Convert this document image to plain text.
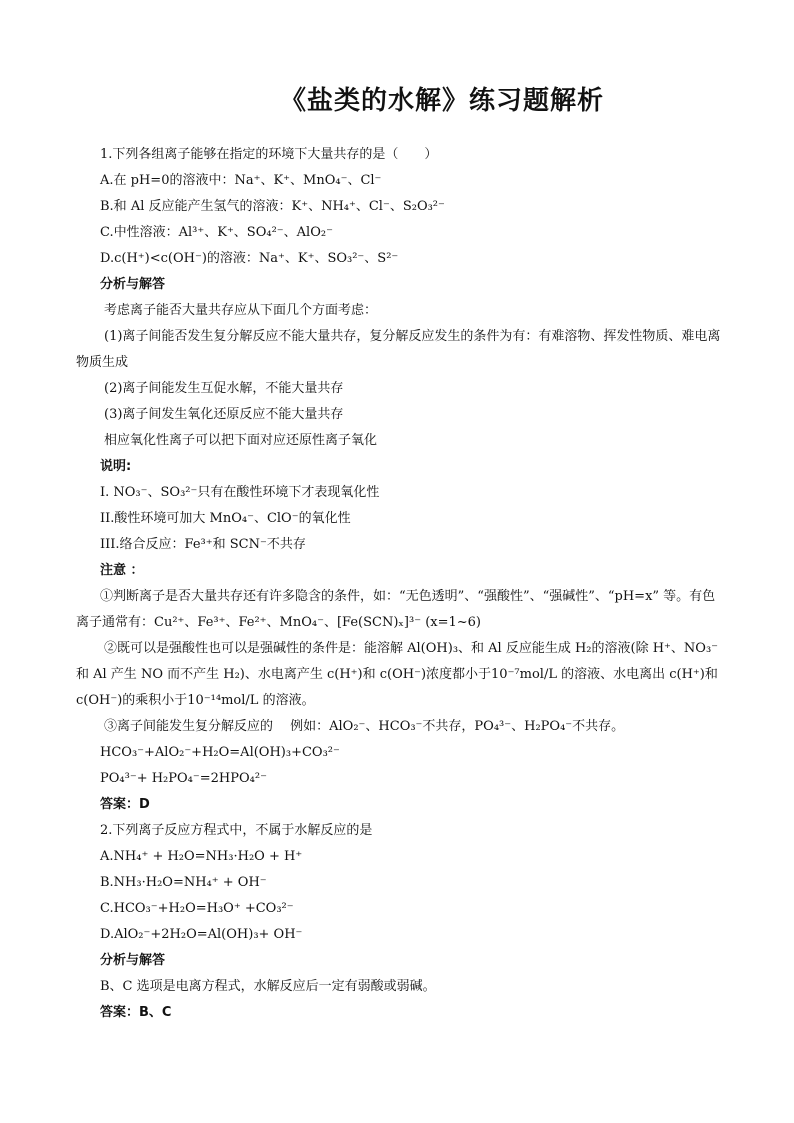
《盐类的水解》练习题解析
1.下列各组离子能够在指定的环境下大量共存的是（　　）
A.在 pH=0的溶液中：Na⁺、K⁺、MnO₄⁻、Cl⁻
B.和 Al 反应能产生氢气的溶液：K⁺、NH₄⁺、Cl⁻、S₂O₃²⁻
C.中性溶液：Al³⁺、K⁺、SO₄²⁻、AlO₂⁻
D.c(H⁺)<c(OH⁻)的溶液：Na⁺、K⁺、SO₃²⁻、S²⁻
分析与解答
考虑离子能否大量共存应从下面几个方面考虑：
(1)离子间能否发生复分解反应不能大量共存，复分解反应发生的条件为有：有难溶物、挥发性物质、难电离物质生成
(2)离子间能发生互促水解，不能大量共存
(3)离子间发生氧化还原反应不能大量共存
相应氧化性离子可以把下面对应还原性离子氧化
说明:
I. NO₃⁻、SO₃²⁻只有在酸性环境下才表现氧化性
II.酸性环境可加大 MnO₄⁻、ClO⁻的氧化性
III.络合反应：Fe³⁺和 SCN⁻不共存
注意 ：
①判断离子是否大量共存还有许多隐含的条件，如：“无色透明”、“强酸性”、“强碱性”、“pH=x” 等。有色离子通常有：Cu²⁺、Fe³⁺、Fe²⁺、MnO₄⁻、[Fe(SCN)ₓ]³⁻ (x=1~6)
②既可以是强酸性也可以是强碱性的条件是：能溶解 Al(OH)₃、和 Al 反应能生成 H₂的溶液(除 H⁺、NO₃⁻和 Al 产生 NO 而不产生 H₂)、水电离产生 c(H⁺)和 c(OH⁻)浓度都小于10⁻⁷mol/L 的溶液、水电离出 c(H⁺)和 c(OH⁻)的乘积小于10⁻¹⁴mol/L 的溶液。
③离子间能发生复分解反应的　 例如：AlO₂⁻、HCO₃⁻不共存，PO₄³⁻、H₂PO₄⁻不共存。
HCO₃⁻+AlO₂⁻+H₂O=Al(OH)₃+CO₃²⁻
PO₄³⁻+ H₂PO₄⁻=2HPO₄²⁻
答案：D
2.下列离子反应方程式中，不属于水解反应的是
A.NH₄⁺ + H₂O=NH₃·H₂O + H⁺
B.NH₃·H₂O=NH₄⁺ + OH⁻
C.HCO₃⁻+H₂O=H₃O⁺ +CO₃²⁻
D.AlO₂⁻+2H₂O=Al(OH)₃+ OH⁻
分析与解答
B、C 选项是电离方程式，水解反应后一定有弱酸或弱碱。
答案：B、C
